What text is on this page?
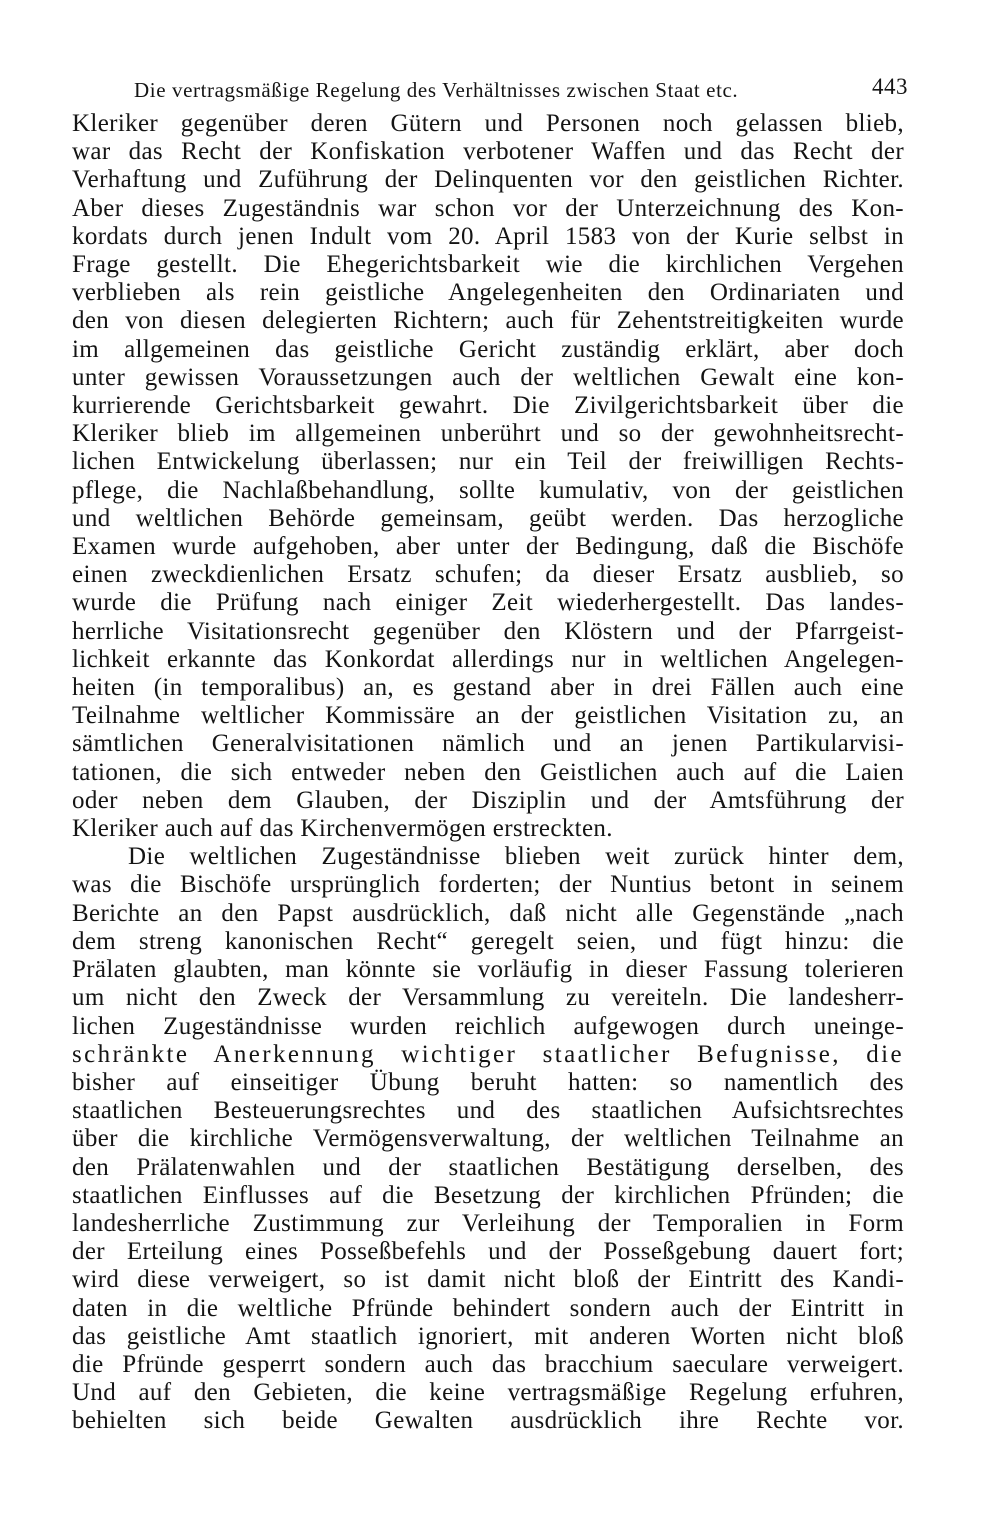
Die vertragsmäßige Regelung des Verhältnisses zwischen Staat etc.	443

Kleriker gegenüber deren Gütern und Personen noch gelassen blieb,
war das Recht der Konfiskation verbotener Waffen und das Recht der
Verhaftung und Zuführung der Delinquenten vor den geistlichen Richter.
Aber dieses Zugeständnis war schon vor der Unterzeichnung des Kon-
kordats durch jenen Indult vom 20. April 1583 von der Kurie selbst in
Frage gestellt. Die Ehegerichtsbarkeit wie die kirchlichen Vergehen
verblieben als rein geistliche Angelegenheiten den Ordinariaten und
den von diesen delegierten Richtern; auch für Zehentstreitigkeiten wurde
im allgemeinen das geistliche Gericht zuständig erklärt, aber doch
unter gewissen Voraussetzungen auch der weltlichen Gewalt eine kon-
kurrierende Gerichtsbarkeit gewahrt. Die Zivilgerichtsbarkeit über die
Kleriker blieb im allgemeinen unberührt und so der gewohnheitsrecht-
lichen Entwickelung überlassen; nur ein Teil der freiwilligen Rechts-
pflege, die Nachlaßbehandlung, sollte kumulativ, von der geistlichen
und weltlichen Behörde gemeinsam, geübt werden. Das herzogliche
Examen wurde aufgehoben, aber unter der Bedingung, daß die Bischöfe
einen zweckdienlichen Ersatz schufen; da dieser Ersatz ausblieb, so
wurde die Prüfung nach einiger Zeit wiederhergestellt. Das landes-
herrliche Visitationsrecht gegenüber den Klöstern und der Pfarrgeist-
lichkeit erkannte das Konkordat allerdings nur in weltlichen Angelegen-
heiten (in temporalibus) an, es gestand aber in drei Fällen auch eine
Teilnahme weltlicher Kommissäre an der geistlichen Visitation zu, an
sämtlichen Generalvisitationen nämlich und an jenen Partikularvisi-
tationen, die sich entweder neben den Geistlichen auch auf die Laien
oder neben dem Glauben, der Disziplin und der Amtsführung der
Kleriker auch auf das Kirchenvermögen erstreckten.

Die weltlichen Zugeständnisse blieben weit zurück hinter dem,
was die Bischöfe ursprünglich forderten; der Nuntius betont in seinem
Berichte an den Papst ausdrücklich, daß nicht alle Gegenstände „nach
dem streng kanonischen Recht“ geregelt seien, und fügt hinzu: die
Prälaten glaubten, man könnte sie vorläufig in dieser Fassung tolerieren
um nicht den Zweck der Versammlung zu vereiteln. Die landesherr-
lichen Zugeständnisse wurden reichlich aufgewogen durch uneinge-
schränkte Anerkennung wichtiger staatlicher Befugnisse, die
bisher auf einseitiger Übung beruht hatten: so namentlich des
staatlichen Besteuerungsrechtes und des staatlichen Aufsichtsrechtes
über die kirchliche Vermögensverwaltung, der weltlichen Teilnahme an
den Prälatenwahlen und der staatlichen Bestätigung derselben, des
staatlichen Einflusses auf die Besetzung der kirchlichen Pfründen; die
landesherrliche Zustimmung zur Verleihung der Temporalien in Form
der Erteilung eines Posseßbefehls und der Posseßgebung dauert fort;
wird diese verweigert, so ist damit nicht bloß der Eintritt des Kandi-
daten in die weltliche Pfründe behindert sondern auch der Eintritt in
das geistliche Amt staatlich ignoriert, mit anderen Worten nicht bloß
die Pfründe gesperrt sondern auch das bracchium saeculare verweigert.
Und auf den Gebieten, die keine vertragsmäßige Regelung erfuhren,
behielten sich beide Gewalten ausdrücklich ihre Rechte vor.
